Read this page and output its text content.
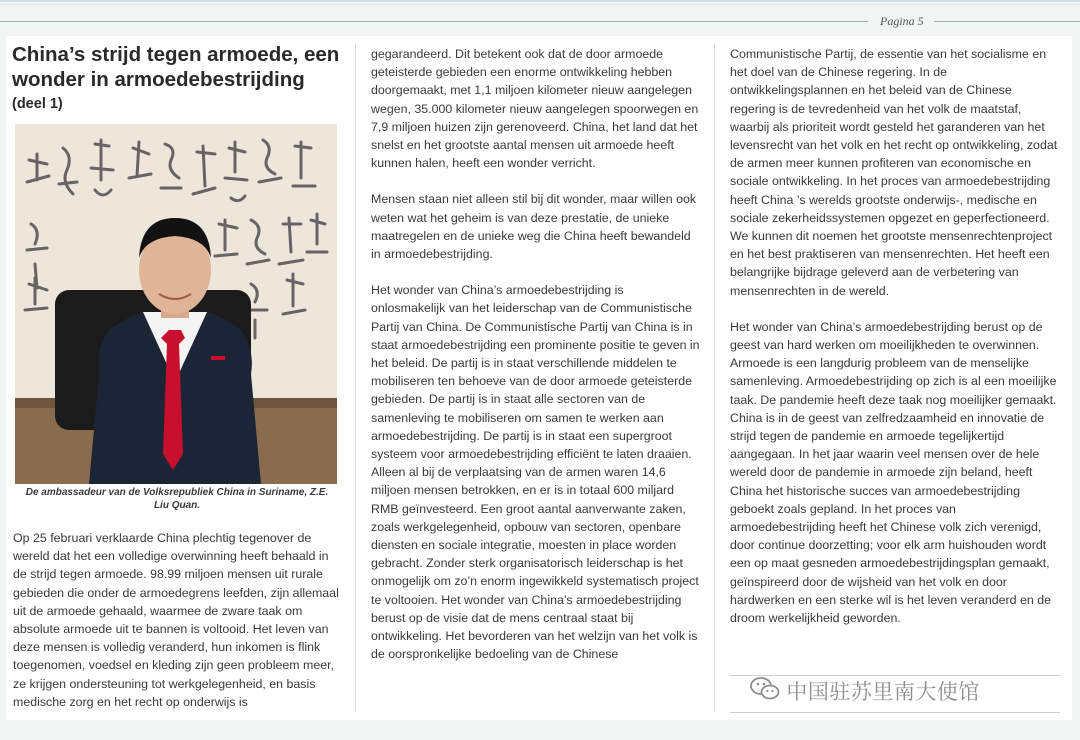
Pagina 5
China’s strijd tegen armoede, een wonder in armoedebestrijding
(deel 1)
De ambassadeur van de Volksrepubliek China in Suriname, Z.E. Liu Quan.

Op 25 februari verklaarde China plechtig tegenover de wereld dat het een volledige overwinning heeft behaald in de strijd tegen armoede. 98.99 miljoen mensen uit rurale gebieden die onder de armoedegrens leefden, zijn allemaal uit de armoede gehaald, waarmee de zware taak om absolute armoede uit te bannen is voltooid. Het leven van deze mensen is volledig veranderd, hun inkomen is flink toegenomen, voedsel en kleding zijn geen probleem meer, ze krijgen ondersteuning tot werkgelegenheid, en basis medische zorg en het recht op onderwijs is

gegarandeerd. Dit betekent ook dat de door armoede geteisterde gebieden een enorme ontwikkeling hebben doorgemaakt, met 1,1 miljoen kilometer nieuw aangelegen wegen, 35.000 kilometer nieuw aangelegen spoorwegen en 7,9 miljoen huizen zijn gerenoveerd. China, het land dat het snelst en het grootste aantal mensen uit armoede heeft kunnen halen, heeft een wonder verricht.

Mensen staan niet alleen stil bij dit wonder, maar willen ook weten wat het geheim is van deze prestatie, de unieke maatregelen en de unieke weg die China heeft bewandeld in armoedebestrijding.

Het wonder van China’s armoedebestrijding is onlosmakelijk van het leiderschap van de Communistische Partij van China. De Communistische Partij van China is in staat armoedebestrijding een prominente positie te geven in het beleid. De partij is in staat verschillende middelen te mobiliseren ten behoeve van de door armoede geteisterde gebieden. De partij is in staat alle sectoren van de samenleving te mobiliseren om samen te werken aan armoedebestrijding. De partij is in staat een supergroot systeem voor armoedebestrijding efficiënt te laten draaien. Alleen al bij de verplaatsing van de armen waren 14,6 miljoen mensen betrokken, en er is in totaal 600 miljard RMB geïnvesteerd. Een groot aantal aanverwante zaken, zoals werkgelegenheid, opbouw van sectoren, openbare diensten en sociale integratie, moesten in place worden gebracht. Zonder sterk organisatorisch leiderschap is het onmogelijk om zo’n enorm ingewikkeld systematisch project te voltooien. Het wonder van China’s armoedebestrijding berust op de visie dat de mens centraal staat bij ontwikkeling. Het bevorderen van het welzijn van het volk is de oorspronkelijke bedoeling van de Chinese

Communistische Partij, de essentie van het socialisme en het doel van de Chinese regering. In de ontwikkelingsplannen en het beleid van de Chinese regering is de tevredenheid van het volk de maatstaf, waarbij als prioriteit wordt gesteld het garanderen van het levensrecht van het volk en het recht op ontwikkeling, zodat de armen meer kunnen profiteren van economische en sociale ontwikkeling. In het proces van armoedebestrijding heeft China ’s werelds grootste onderwijs-, medische en sociale zekerheidssystemen opgezet en geperfectioneerd. We kunnen dit noemen het grootste mensenrechtenproject en het best praktiseren van mensenrechten. Het heeft een belangrijke bijdrage geleverd aan de verbetering van mensenrechten in de wereld.

Het wonder van China’s armoedebestrijding berust op de geest van hard werken om moeilijkheden te overwinnen. Armoede is een langdurig probleem van de menselijke samenleving. Armoedebestrijding op zich is al een moeilijke taak. De pandemie heeft deze taak nog moeilijker gemaakt. China is in de geest van zelfredzaamheid en innovatie de strijd tegen de pandemie en armoede tegelijkertijd aangegaan. In het jaar waarin veel mensen over de hele wereld door de pandemie in armoede zijn beland, heeft China het historische succes van armoedebestrijding geboekt zoals gepland. In het proces van armoedebestrijding heeft het Chinese volk zich verenigd, door continue doorzetting; voor elk arm huishouden wordt een op maat gesneden armoedebestrijdingsplan gemaakt, geïnspireerd door de wijsheid van het volk en door hardwerken en een sterke wil is het leven veranderd en de droom werkelijkheid geworden.

中国驻苏里南大使馆
